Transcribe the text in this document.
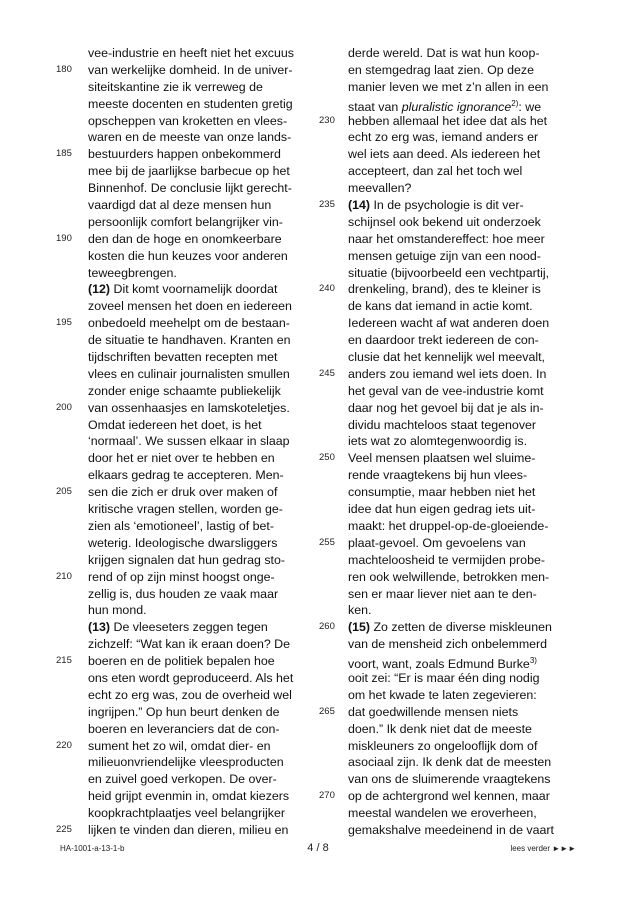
vee-industrie en heeft niet het excuus
180	van werkelijke domheid. In de univer-
siteitskantine zie ik verreweg de
meeste docenten en studenten gretig
opscheppen van kroketten en vlees-
waren en de meeste van onze lands-
185	bestuurders happen onbekommerd
mee bij de jaarlijkse barbecue op het
Binnenhof. De conclusie lijkt gerecht-
vaardigd dat al deze mensen hun
persoonlijk comfort belangrijker vin-
190	den dan de hoge en onomkeerbare
kosten die hun keuzes voor anderen
teweegbrengen.
(12) Dit komt voornamelijk doordat
zoveel mensen het doen en iedereen
195	onbedoeld meehelpt om de bestaan-
de situatie te handhaven. Kranten en
tijdschriften bevatten recepten met
vlees en culinair journalisten smullen
zonder enige schaamte publiekelijk
200	van ossenhaasjes en lamskoteletjes.
Omdat iedereen het doet, is het
‘normaal’. We sussen elkaar in slaap
door het er niet over te hebben en
elkaars gedrag te accepteren. Men-
205	sen die zich er druk over maken of
kritische vragen stellen, worden ge-
zien als ‘emotioneel’, lastig of bet-
weterig. Ideologische dwarsliggers
krijgen signalen dat hun gedrag sto-
210	rend of op zijn minst hoogst onge-
zellig is, dus houden ze vaak maar
hun mond.
(13) De vleeseters zeggen tegen
zichzelf: “Wat kan ik eraan doen? De
215	boeren en de politiek bepalen hoe
ons eten wordt geproduceerd. Als het
echt zo erg was, zou de overheid wel
ingrijpen.” Op hun beurt denken de
boeren en leveranciers dat de con-
220	sument het zo wil, omdat dier- en
milieuonvriendelijke vleesproducten
en zuivel goed verkopen. De over-
heid grijpt evenmin in, omdat kiezers
koopkrachtplaatjes veel belangrijker
225	lijken te vinden dan dieren, milieu en
derde wereld. Dat is wat hun koop-
en stemgedrag laat zien. Op deze
manier leven we met z’n allen in een
staat van pluralistic ignorance$^{2)}$: we
230	hebben allemaal het idee dat als het
echt zo erg was, iemand anders er
wel iets aan deed. Als iedereen het
accepteert, dan zal het toch wel
meevallen?
235	(14) In de psychologie is dit ver-
schijnsel ook bekend uit onderzoek
naar het omstandereffect: hoe meer
mensen getuige zijn van een nood-
situatie (bijvoorbeeld een vechtpartij,
240	drenkeling, brand), des te kleiner is
de kans dat iemand in actie komt.
Iedereen wacht af wat anderen doen
en daardoor trekt iedereen de con-
clusie dat het kennelijk wel meevalt,
245	anders zou iemand wel iets doen. In
het geval van de vee-industrie komt
daar nog het gevoel bij dat je als in-
dividu machteloos staat tegenover
iets wat zo alomtegenwoordig is.
250	Veel mensen plaatsen wel sluime-
rende vraagtekens bij hun vlees-
consumptie, maar hebben niet het
idee dat hun eigen gedrag iets uit-
maakt: het druppel-op-de-gloeiende-
255	plaat-gevoel. Om gevoelens van
machteloosheid te vermijden probe-
ren ook welwillende, betrokken men-
sen er maar liever niet aan te den-
ken.
260	(15) Zo zetten de diverse miskleunen
van de mensheid zich onbelemmerd
voort, want, zoals Edmund Burke$^{3)}$
ooit zei: “Er is maar één ding nodig
om het kwade te laten zegevieren:
265	dat goedwillende mensen niets
doen.” Ik denk niet dat de meeste
miskleuners zo ongelooflijk dom of
asociaal zijn. Ik denk dat de meesten
van ons de sluimerende vraagtekens
270	op de achtergrond wel kennen, maar
meestal wandelen we eroverheen,
gemakshalve meedeinend in de vaart
HA-1001-a-13-1-b	4 / 8	lees verder ►►►
